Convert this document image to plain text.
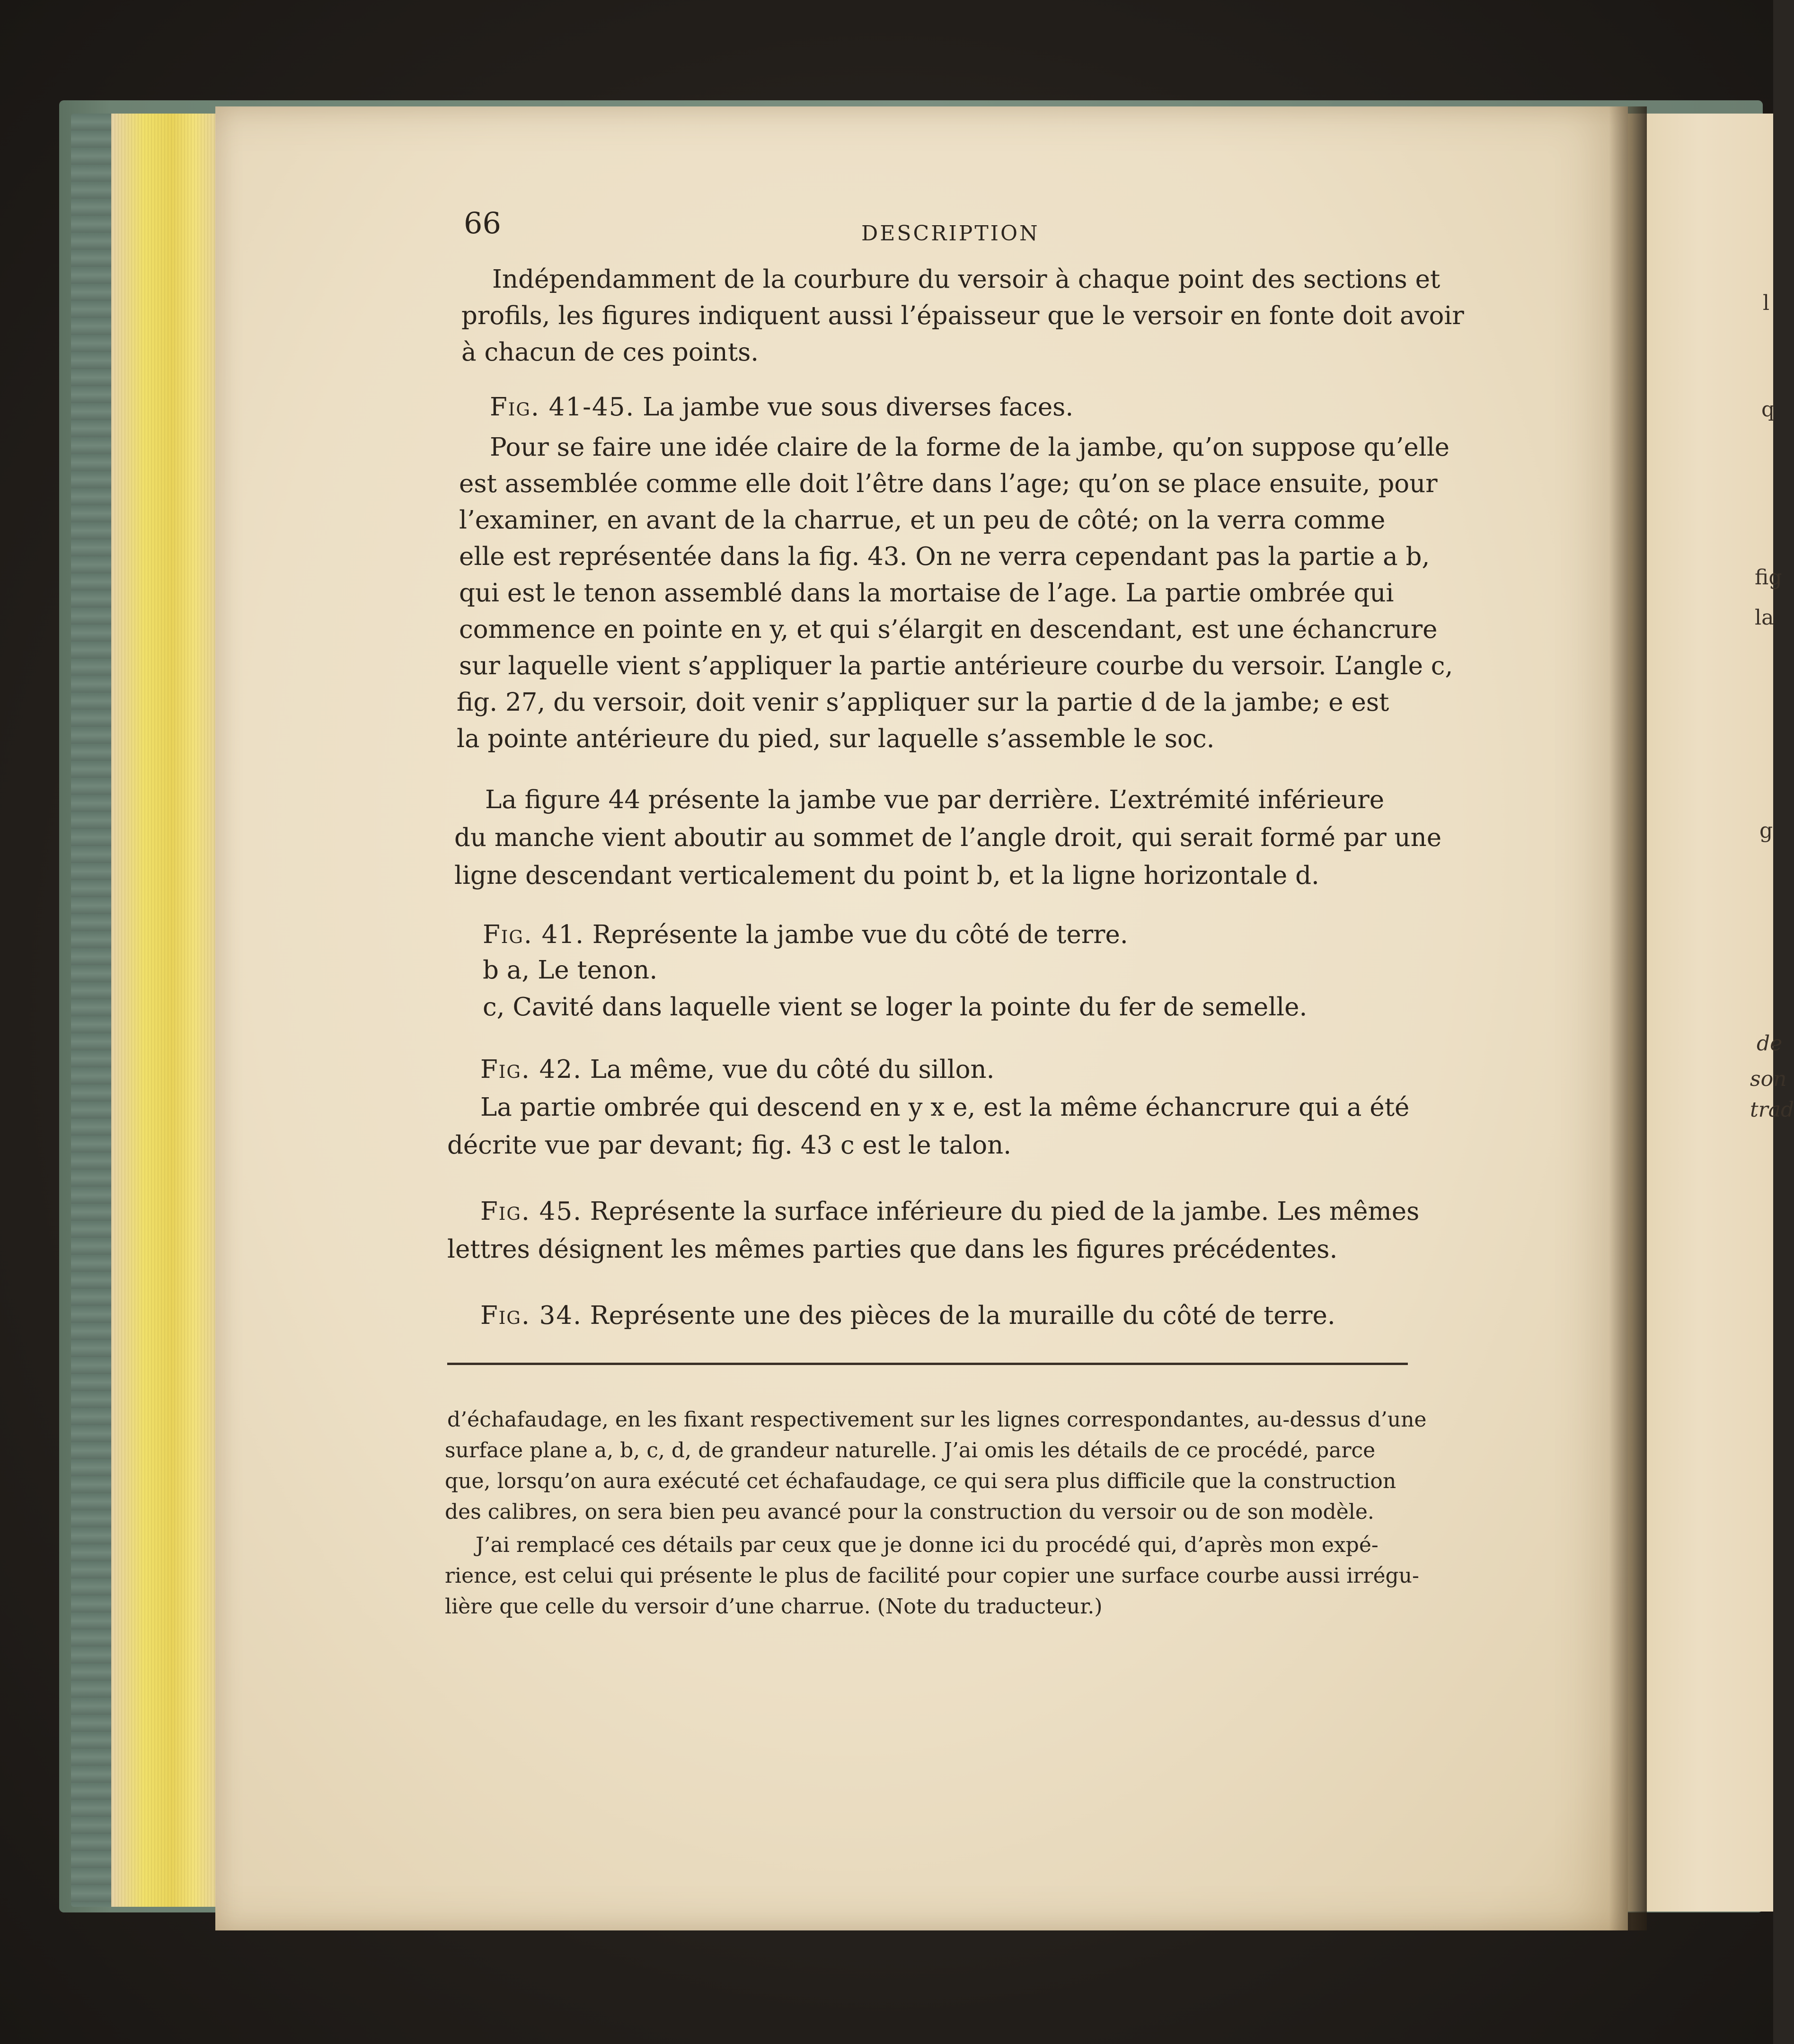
l
q
fig
la
g
de
son
trad
66	DESCRIPTION
Indépendamment de la courbure du versoir à chaque point des sections et
profils, les figures indiquent aussi l’épaisseur que le versoir en fonte doit avoir
à chacun de ces points.
Fig. 41-45. La jambe vue sous diverses faces.
Pour se faire une idée claire de la forme de la jambe, qu’on suppose qu’elle
est assemblée comme elle doit l’être dans l’age; qu’on se place ensuite, pour
l’examiner, en avant de la charrue, et un peu de côté; on la verra comme
elle est représentée dans la fig. 43. On ne verra cependant pas la partie a b,
qui est le tenon assemblé dans la mortaise de l’age. La partie ombrée qui
commence en pointe en y, et qui s’élargit en descendant, est une échancrure
sur laquelle vient s’appliquer la partie antérieure courbe du versoir. L’angle c,
fig. 27, du versoir, doit venir s’appliquer sur la partie d de la jambe; e est
la pointe antérieure du pied, sur laquelle s’assemble le soc.
La figure 44 présente la jambe vue par derrière. L’extrémité inférieure
du manche vient aboutir au sommet de l’angle droit, qui serait formé par une
ligne descendant verticalement du point b, et la ligne horizontale d.
Fig. 41. Représente la jambe vue du côté de terre.
b a, Le tenon.
c, Cavité dans laquelle vient se loger la pointe du fer de semelle.
Fig. 42. La même, vue du côté du sillon.
La partie ombrée qui descend en y x e, est la même échancrure qui a été
décrite vue par devant; fig. 43 c est le talon.
Fig. 45. Représente la surface inférieure du pied de la jambe. Les mêmes
lettres désignent les mêmes parties que dans les figures précédentes.
Fig. 34. Représente une des pièces de la muraille du côté de terre.
d’échafaudage, en les fixant respectivement sur les lignes correspondantes, au-dessus d’une
surface plane a, b, c, d, de grandeur naturelle. J’ai omis les détails de ce procédé, parce
que, lorsqu’on aura exécuté cet échafaudage, ce qui sera plus difficile que la construction
des calibres, on sera bien peu avancé pour la construction du versoir ou de son modèle.
J’ai remplacé ces détails par ceux que je donne ici du procédé qui, d’après mon expé-
rience, est celui qui présente le plus de facilité pour copier une surface courbe aussi irrégu-
lière que celle du versoir d’une charrue. (Note du traducteur.)
